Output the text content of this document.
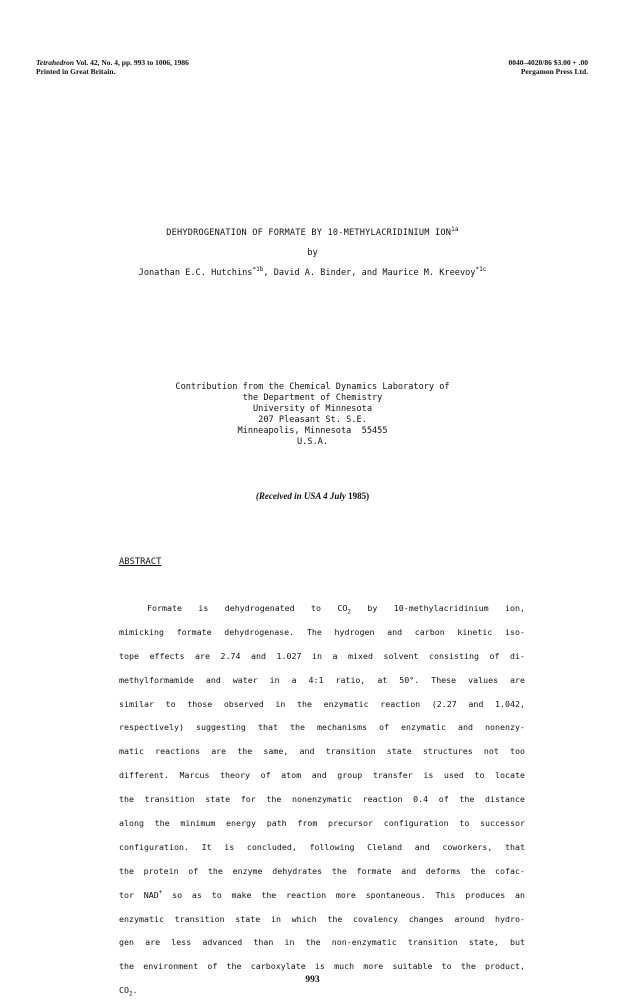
Tetrahedron Vol. 42, No. 4, pp. 993 to 1006, 1986
Printed in Great Britain.
0040–4020/86 $3.00 + .00
Pergamon Press Ltd.
DEHYDROGENATION OF FORMATE BY 10-METHYLACRIDINIUM $ION^{1a}$
by
Jonathan E.C. Hutchins$^{*1b}$, David A. Binder, and Maurice M. Kreevoy$^{*1c}$
Contribution from the Chemical Dynamics Laboratory of
the Department of Chemistry
University of Minnesota
207 Pleasant St. S.E.
Minneapolis, Minnesota  55455
U.S.A.
(Received in USA 4 July 1985)
ABSTRACT
Formate is dehydrogenated to $CO_2$ by 10-methylacridinium ion,
mimicking formate dehydrogenase. The hydrogen and carbon kinetic iso-
tope effects are 2.74 and 1.027 in a mixed solvent consisting of di-
methylformamide and water in a 4:1 ratio, at 50°. These values are
similar to those observed in the enzymatic reaction (2.27 and 1.042,
respectively) suggesting that the mechanisms of enzymatic and nonenzy-
matic reactions are the same, and transition state structures not too
different. Marcus theory of atom and group transfer is used to locate
the transition state for the nonenzymatic reaction 0.4 of the distance
along the minimum energy path from precursor configuration to successor
configuration. It is concluded, following Cleland and coworkers, that
the protein of the enzyme dehydrates the formate and deforms the cofac-
tor NAD+ so as to make the reaction more spontaneous. This produces an
enzymatic transition state in which the covalency changes around hydro-
gen are less advanced than in the non-enzymatic transition state, but
the environment of the carboxylate is much more suitable to the product,
$CO_2$.
993
